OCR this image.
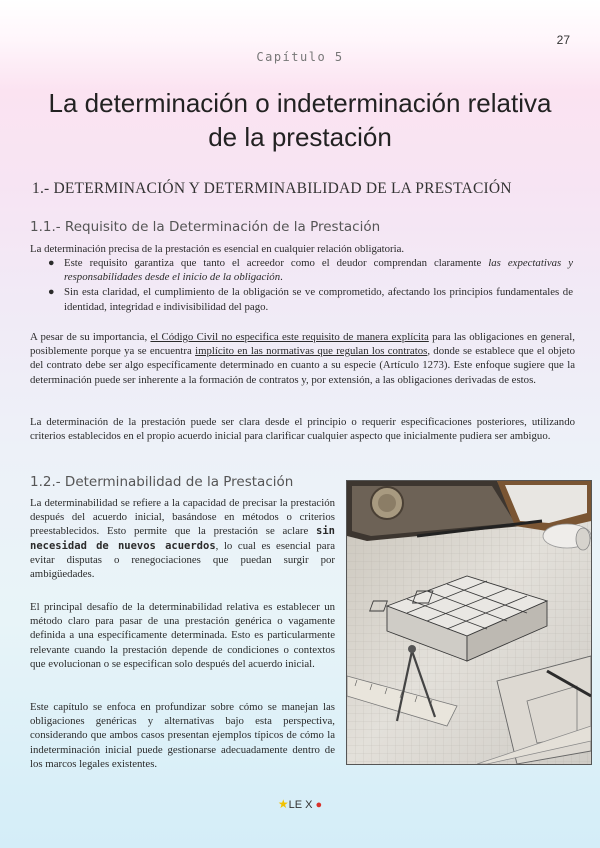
27
Capítulo 5
La determinación o indeterminación relativa
de la prestación
1.- DETERMINACIÓN Y DETERMINABILIDAD DE LA PRESTACIÓN
1.1.- Requisito de la Determinación de la Prestación

La determinación precisa de la prestación es esencial en cualquier relación obligatoria.

● Este requisito garantiza que tanto el acreedor como el deudor comprendan claramente las expectativas y responsabilidades desde el inicio de la obligación.
● Sin esta claridad, el cumplimiento de la obligación se ve comprometido, afectando los principios fundamentales de identidad, integridad e indivisibilidad del pago.

A pesar de su importancia, el Código Civil no especifica este requisito de manera explícita para las obligaciones en general, posiblemente porque ya se encuentra implícito en las normativas que regulan los contratos, donde se establece que el objeto del contrato debe ser algo específicamente determinado en cuanto a su especie (Artículo 1273). Este enfoque sugiere que la determinación puede ser inherente a la formación de contratos y, por extensión, a las obligaciones derivadas de estos.

La determinación de la prestación puede ser clara desde el principio o requerir especificaciones posteriores, utilizando criterios establecidos en el propio acuerdo inicial para clarificar cualquier aspecto que inicialmente pudiera ser ambiguo.

1.2.- Determinabilidad de la Prestación

La determinabilidad se refiere a la capacidad de precisar la prestación después del acuerdo inicial, basándose en métodos o criterios preestablecidos. Esto permite que la prestación se aclare sin necesidad de nuevos acuerdos, lo cual es esencial para evitar disputas o renegociaciones que puedan surgir por ambigüedades.

El principal desafío de la determinabilidad relativa es establecer un método claro para pasar de una prestación genérica o vagamente definida a una específicamente determinada. Esto es particularmente relevante cuando la prestación depende de condiciones o contextos que evolucionan o se especifican solo después del acuerdo inicial.

Este capítulo se enfoca en profundizar sobre cómo se manejan las obligaciones genéricas y alternativas bajo esta perspectiva, considerando que ambos casos presentan ejemplos típicos de cómo la indeterminación inicial puede gestionarse adecuadamente dentro de los marcos legales existentes.

★LE X ●
